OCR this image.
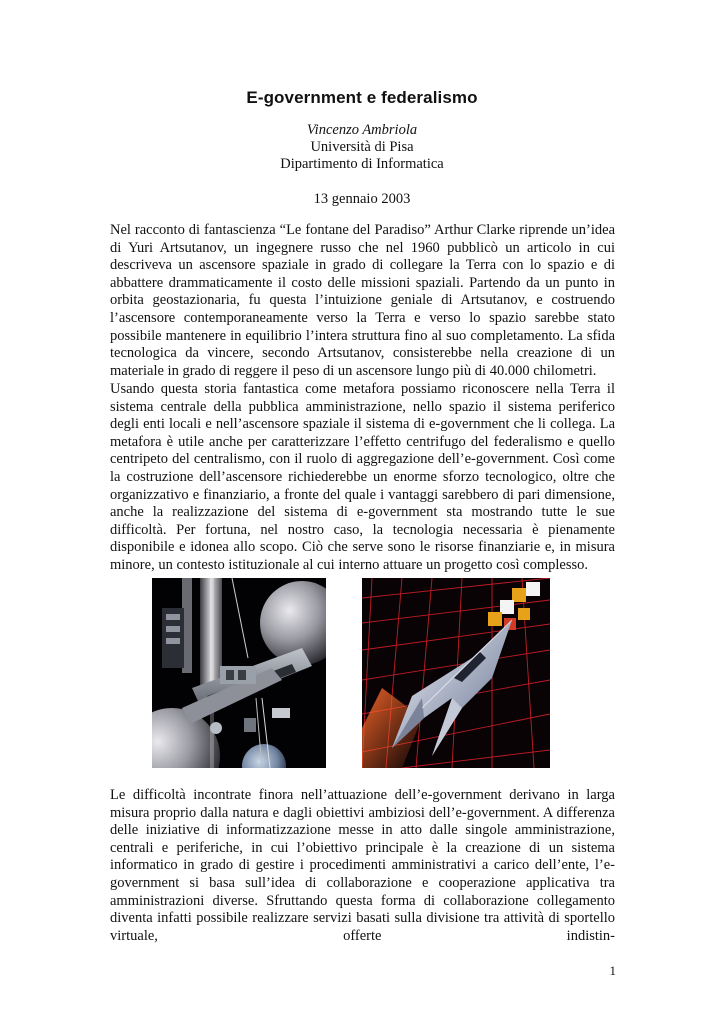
E-government e federalismo
Vincenzo Ambriola
Università di Pisa
Dipartimento di Informatica
13 gennaio 2003

Nel racconto di fantascienza “Le fontane del Paradiso” Arthur Clarke riprende un’idea di Yuri Artsutanov, un ingegnere russo che nel 1960 pubblicò un articolo in cui descriveva un ascensore spaziale in grado di collegare la Terra con lo spazio e di abbattere drammaticamente il costo delle missioni spaziali. Partendo da un punto in orbita geostazionaria, fu questa l’intuizione geniale di Artsutanov, e costruendo l’ascensore contemporaneamente verso la Terra e verso lo spazio sarebbe stato possibile mantenere in equilibrio l’intera struttura fino al suo completamento. La sfida tecnologica da vincere, secondo Artsutanov, consisterebbe nella creazione di un materiale in grado di reggere il peso di un ascensore lungo più di 40.000 chilometri.

Usando questa storia fantastica come metafora possiamo riconoscere nella Terra il sistema centrale della pubblica amministrazione, nello spazio il sistema periferico degli enti locali e nell’ascensore spaziale il sistema di e-government che li collega. La metafora è utile anche per caratterizzare l’effetto centrifugo del federalismo e quello centripeto del centralismo, con il ruolo di aggregazione dell’e-government. Così come la costruzione dell’ascensore richiederebbe un enorme sforzo tecnologico, oltre che organizzativo e finanziario, a fronte del quale i vantaggi sarebbero di pari dimensione, anche la realizzazione del sistema di e-government sta mostrando tutte le sue difficoltà. Per fortuna, nel nostro caso, la tecnologia necessaria è pienamente disponibile e idonea allo scopo. Ciò che serve sono le risorse finanziarie e, in misura minore, un contesto istituzionale al cui interno attuare un progetto così complesso.

Le difficoltà incontrate finora nell’attuazione dell’e-government derivano in larga misura proprio dalla natura e dagli obiettivi ambiziosi dell’e-government. A differenza delle iniziative di informatizzazione messe in atto dalle singole amministrazione, centrali e periferiche, in cui l’obiettivo principale è la creazione di un sistema informatico in grado di gestire i procedimenti amministrativi a carico dell’ente, l’e-government si basa sull’idea di collaborazione e cooperazione applicativa tra amministrazioni diverse. Sfruttando questa forma di collaborazione collegamento diventa infatti possibile realizzare servizi basati sulla divisione tra attività di sportello virtuale, offerte indistin-

1
